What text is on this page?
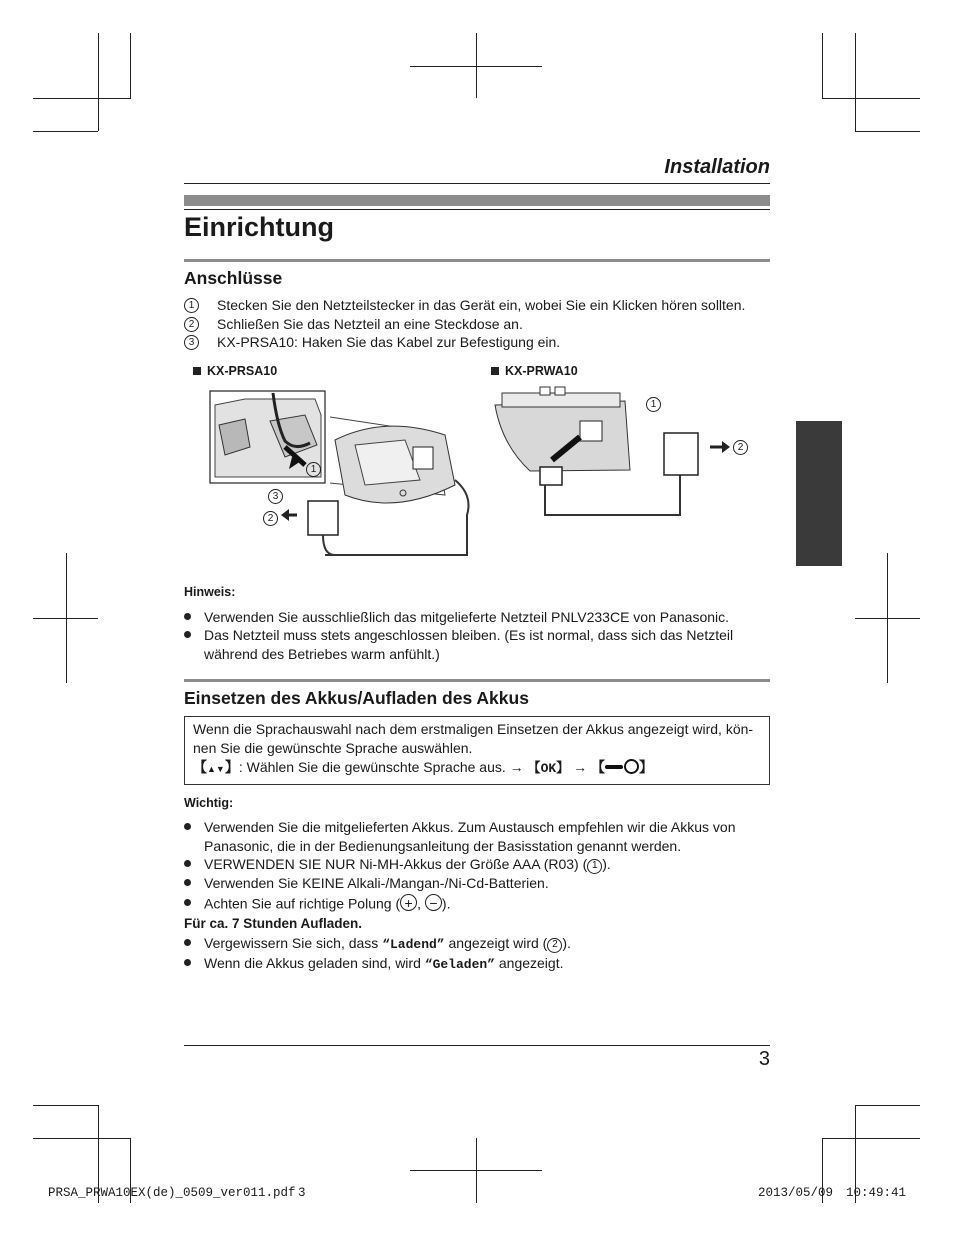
Installation
Einrichtung
Anschlüsse
1	Stecken Sie den Netzteilstecker in das Gerät ein, wobei Sie ein Klicken hören sollten.
2	Schließen Sie das Netzteil an eine Steckdose an.
3	KX-PRSA10: Haken Sie das Kabel zur Befestigung ein.
KX-PRSA10	KX-PRWA10
1
3
2
1
2
Hinweis:
Verwenden Sie ausschließlich das mitgelieferte Netzteil PNLV233CE von Panasonic.
Das Netzteil muss stets angeschlossen bleiben. (Es ist normal, dass sich das Netzteil während des Betriebes warm anfühlt.)
Einsetzen des Akkus/Aufladen des Akkus

Wenn die Sprachauswahl nach dem erstmaligen Einsetzen der Akkus angezeigt wird, kön-

nen Sie die gewünschte Sprache auswählen.

【▲▼】: Wählen Sie die gewünschte Sprache aus. → 【OK】 → 【 】

Wichtig:
Verwenden Sie die mitgelieferten Akkus. Zum Austausch empfehlen wir die Akkus von
Panasonic, die in der Bedienungsanleitung der Basisstation genannt werden.
VERWENDEN SIE NUR Ni-MH-Akkus der Größe AAA (R03) ( 1 ).
Verwenden Sie KEINE Alkali-/Mangan-/Ni-Cd-Batterien.
Achten Sie auf richtige Polung ( + , − ).
Für ca. 7 Stunden Aufladen.
Vergewissern Sie sich, dass “Ladend” angezeigt wird ( 2 ).
Wenn die Akkus geladen sind, wird “Geladen” angezeigt.
3
PRSA_PRWA10EX(de)_0509_ver011.pdf 3	2013/05/09 10:49:41
